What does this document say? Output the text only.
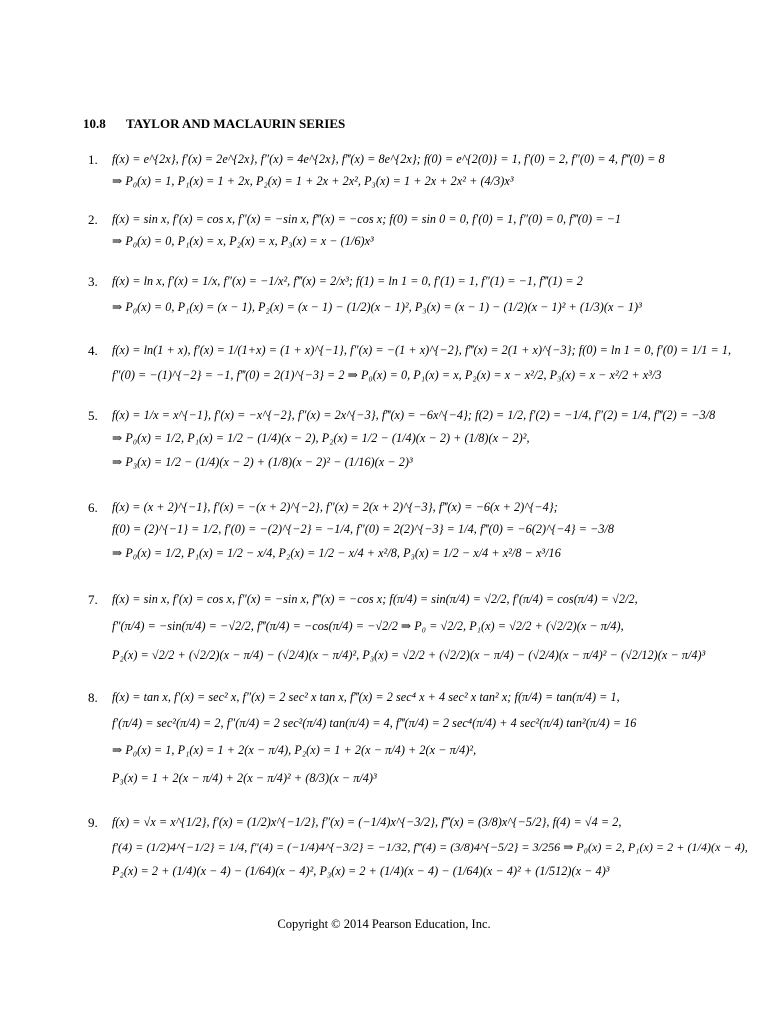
10.8 TAYLOR AND MACLAURIN SERIES
1. f(x) = e^{2x}, f′(x) = 2e^{2x}, f″(x) = 4e^{2x}, f‴(x) = 8e^{2x}; f(0) = e^{2(0)} = 1, f′(0) = 2, f″(0) = 4, f‴(0) = 8
⇒ P₀(x) = 1, P₁(x) = 1 + 2x, P₂(x) = 1 + 2x + 2x², P₃(x) = 1 + 2x + 2x² + (4/3)x³
2. f(x) = sin x, f′(x) = cos x, f″(x) = −sin x, f‴(x) = −cos x; f(0) = sin 0 = 0, f′(0) = 1, f″(0) = 0, f‴(0) = −1
⇒ P₀(x) = 0, P₁(x) = x, P₂(x) = x, P₃(x) = x − (1/6)x³
3. f(x) = ln x, f′(x) = 1/x, f″(x) = −1/x², f‴(x) = 2/x³; f(1) = ln 1 = 0, f′(1) = 1, f″(1) = −1, f‴(1) = 2
⇒ P₀(x) = 0, P₁(x) = (x − 1), P₂(x) = (x − 1) − (1/2)(x − 1)², P₃(x) = (x − 1) − (1/2)(x − 1)² + (1/3)(x − 1)³
4. f(x) = ln(1 + x), f′(x) = 1/(1+x) = (1 + x)^{−1}, f″(x) = −(1 + x)^{−2}, f‴(x) = 2(1 + x)^{−3}; f(0) = ln 1 = 0, f′(0) = 1/1 = 1,
f″(0) = −(1)^{−2} = −1, f‴(0) = 2(1)^{−3} = 2 ⇒ P₀(x) = 0, P₁(x) = x, P₂(x) = x − x²/2, P₃(x) = x − x²/2 + x³/3
5. f(x) = 1/x = x^{−1}, f′(x) = −x^{−2}, f″(x) = 2x^{−3}, f‴(x) = −6x^{−4}; f(2) = 1/2, f′(2) = −1/4, f″(2) = 1/4, f‴(2) = −3/8
⇒ P₀(x) = 1/2, P₁(x) = 1/2 − (1/4)(x − 2), P₂(x) = 1/2 − (1/4)(x − 2) + (1/8)(x − 2)²,
⇒ P₃(x) = 1/2 − (1/4)(x − 2) + (1/8)(x − 2)² − (1/16)(x − 2)³
6. f(x) = (x + 2)^{−1}, f′(x) = −(x + 2)^{−2}, f″(x) = 2(x + 2)^{−3}, f‴(x) = −6(x + 2)^{−4};
f(0) = (2)^{−1} = 1/2, f′(0) = −(2)^{−2} = −1/4, f″(0) = 2(2)^{−3} = 1/4, f‴(0) = −6(2)^{−4} = −3/8
⇒ P₀(x) = 1/2, P₁(x) = 1/2 − x/4, P₂(x) = 1/2 − x/4 + x²/8, P₃(x) = 1/2 − x/4 + x²/8 − x³/16
7. f(x) = sin x, f′(x) = cos x, f″(x) = −sin x, f‴(x) = −cos x; f(π/4) = sin(π/4) = √2/2, f′(π/4) = cos(π/4) = √2/2,
f″(π/4) = −sin(π/4) = −√2/2, f‴(π/4) = −cos(π/4) = −√2/2 ⇒ P₀ = √2/2, P₁(x) = √2/2 + (√2/2)(x − π/4),
P₂(x) = √2/2 + (√2/2)(x − π/4) − (√2/4)(x − π/4)², P₃(x) = √2/2 + (√2/2)(x − π/4) − (√2/4)(x − π/4)² − (√2/12)(x − π/4)³
8. f(x) = tan x, f′(x) = sec² x, f″(x) = 2 sec² x tan x, f‴(x) = 2 sec⁴ x + 4 sec² x tan² x; f(π/4) = tan(π/4) = 1,
f′(π/4) = sec²(π/4) = 2, f″(π/4) = 2 sec²(π/4) tan(π/4) = 4, f‴(π/4) = 2 sec⁴(π/4) + 4 sec²(π/4) tan²(π/4) = 16
⇒ P₀(x) = 1, P₁(x) = 1 + 2(x − π/4), P₂(x) = 1 + 2(x − π/4) + 2(x − π/4)²,
P₃(x) = 1 + 2(x − π/4) + 2(x − π/4)² + (8/3)(x − π/4)³
9. f(x) = √x = x^{1/2}, f′(x) = (1/2)x^{−1/2}, f″(x) = (−1/4)x^{−3/2}, f‴(x) = (3/8)x^{−5/2}, f(4) = √4 = 2,
f′(4) = (1/2)4^{−1/2} = 1/4, f″(4) = (−1/4)4^{−3/2} = −1/32, f‴(4) = (3/8)4^{−5/2} = 3/256 ⇒ P₀(x) = 2, P₁(x) = 2 + (1/4)(x − 4),
P₂(x) = 2 + (1/4)(x − 4) − (1/64)(x − 4)², P₃(x) = 2 + (1/4)(x − 4) − (1/64)(x − 4)² + (1/512)(x − 4)³
Copyright © 2014 Pearson Education, Inc.
